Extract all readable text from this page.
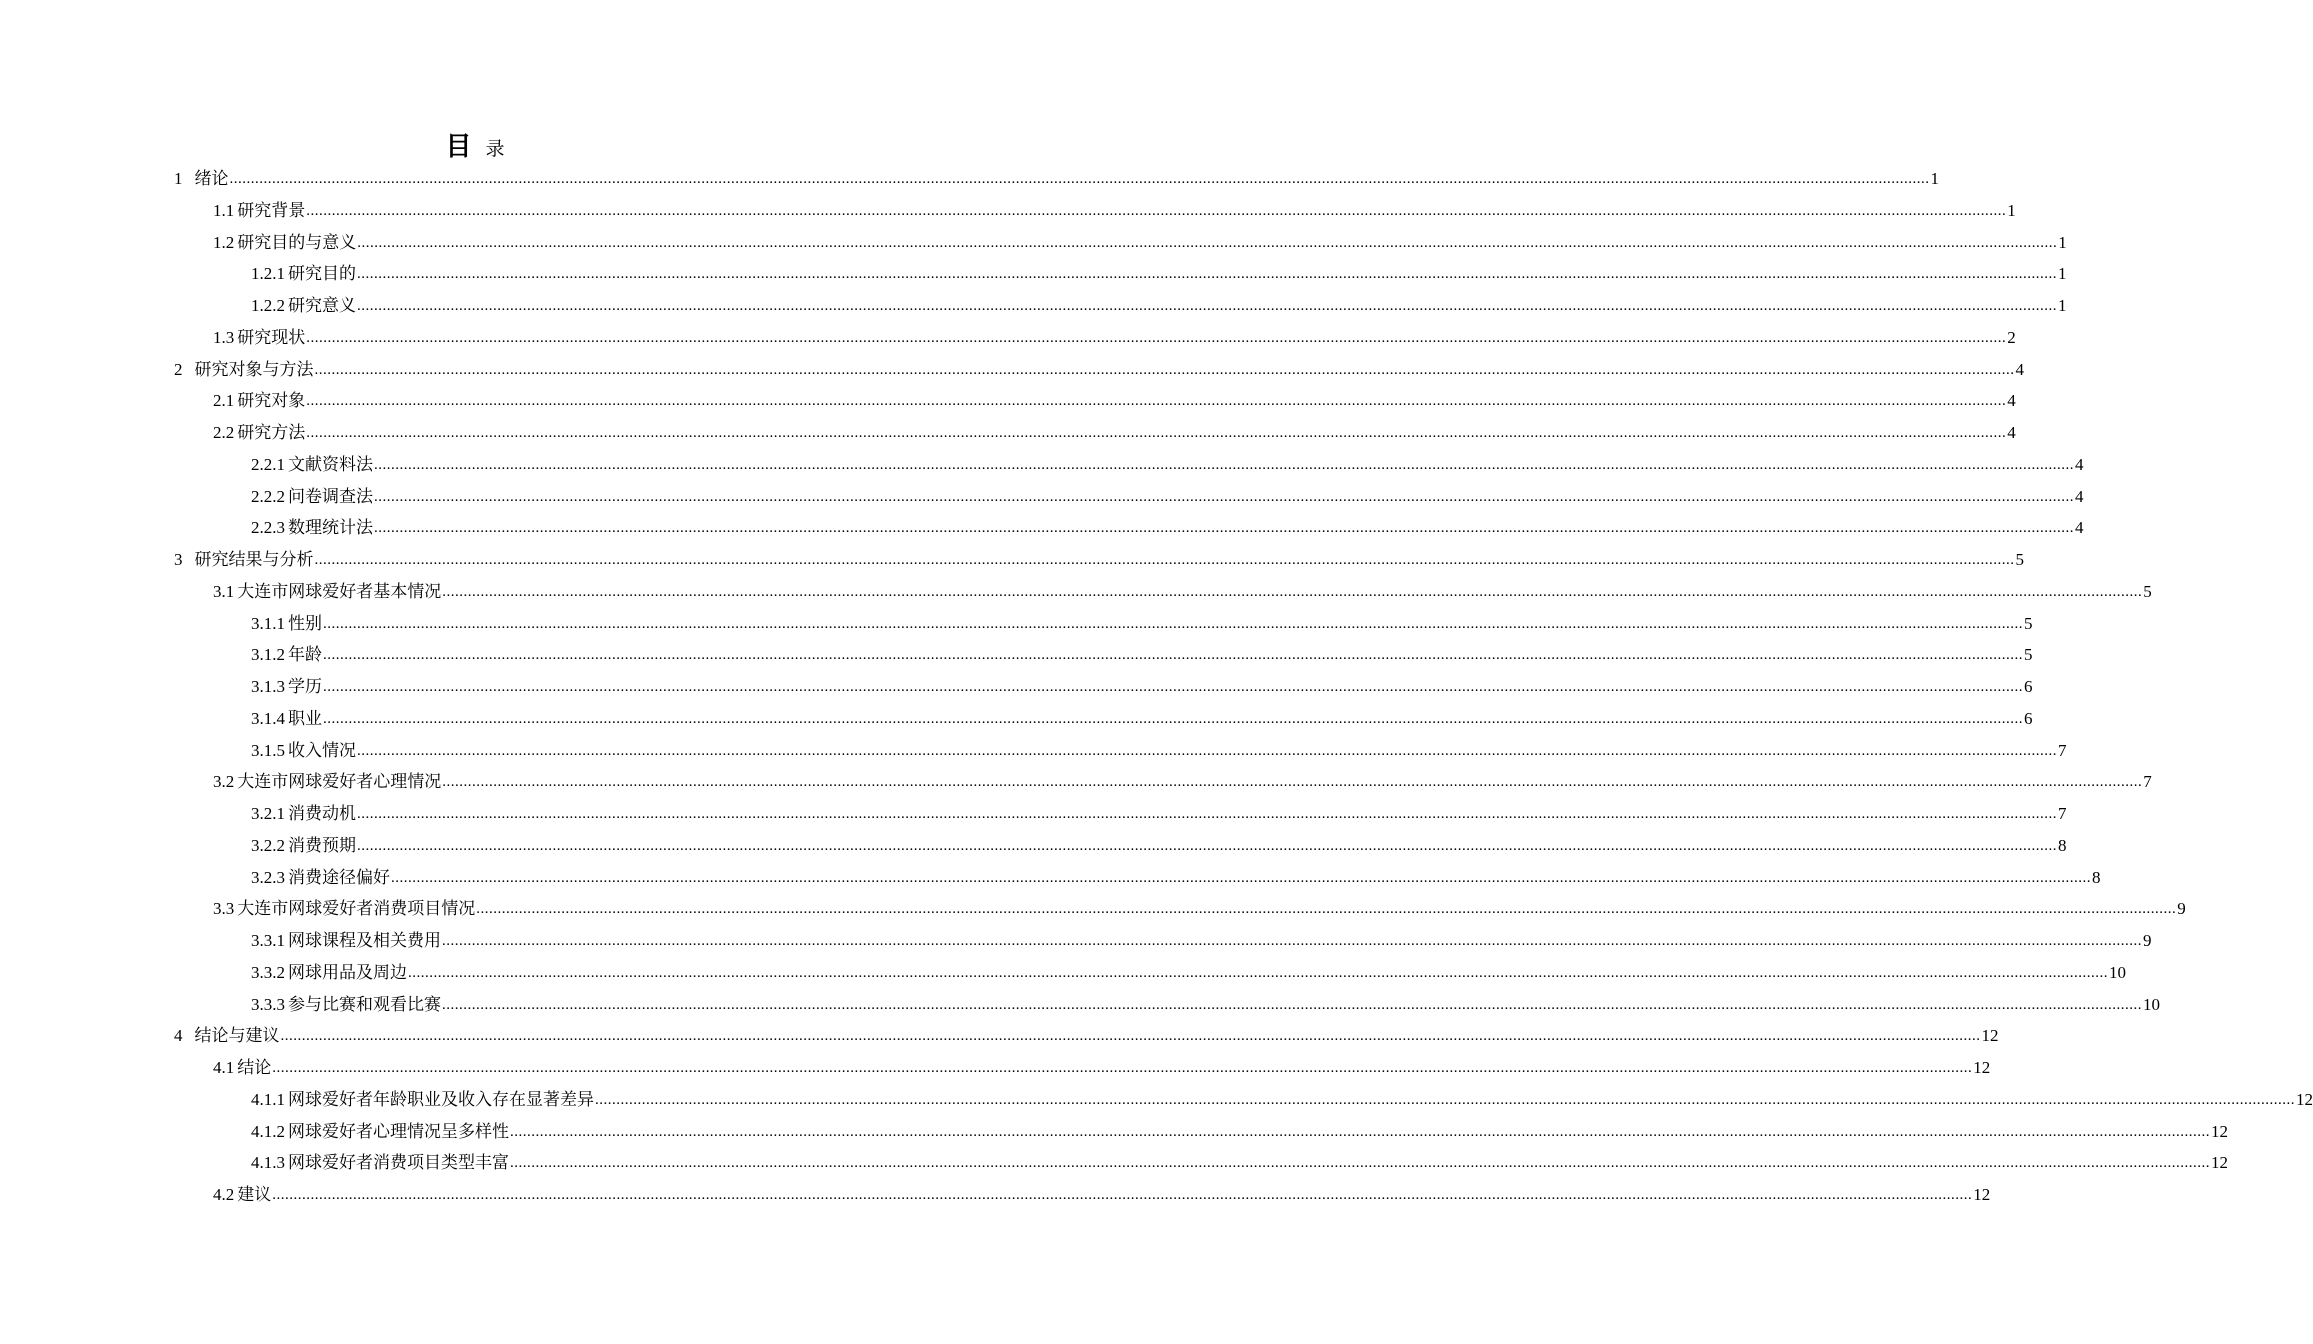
目 录
1 绪论 ................................................................................................................................................................................................................................................................................................................................................................................................................ 1
1.1 研究背景 ................................................................................................................................................................................................................................................................................................................................................................................................................ 1
1.2 研究目的与意义 ................................................................................................................................................................................................................................................................................................................................................................................................................ 1
1.2.1 研究目的 ................................................................................................................................................................................................................................................................................................................................................................................................................ 1
1.2.2 研究意义 ................................................................................................................................................................................................................................................................................................................................................................................................................ 1
1.3 研究现状 ................................................................................................................................................................................................................................................................................................................................................................................................................ 2
2 研究对象与方法 ................................................................................................................................................................................................................................................................................................................................................................................................................ 4
2.1 研究对象 ................................................................................................................................................................................................................................................................................................................................................................................................................ 4
2.2 研究方法 ................................................................................................................................................................................................................................................................................................................................................................................................................ 4
2.2.1 文献资料法 ................................................................................................................................................................................................................................................................................................................................................................................................................ 4
2.2.2 问卷调查法 ................................................................................................................................................................................................................................................................................................................................................................................................................ 4
2.2.3 数理统计法 ................................................................................................................................................................................................................................................................................................................................................................................................................ 4
3 研究结果与分析 ................................................................................................................................................................................................................................................................................................................................................................................................................ 5
3.1 大连市网球爱好者基本情况 ................................................................................................................................................................................................................................................................................................................................................................................................................ 5
3.1.1 性别 ................................................................................................................................................................................................................................................................................................................................................................................................................ 5
3.1.2 年龄 ................................................................................................................................................................................................................................................................................................................................................................................................................ 5
3.1.3 学历 ................................................................................................................................................................................................................................................................................................................................................................................................................ 6
3.1.4 职业 ................................................................................................................................................................................................................................................................................................................................................................................................................ 6
3.1.5 收入情况 ................................................................................................................................................................................................................................................................................................................................................................................................................ 7
3.2 大连市网球爱好者心理情况 ................................................................................................................................................................................................................................................................................................................................................................................................................ 7
3.2.1 消费动机 ................................................................................................................................................................................................................................................................................................................................................................................................................ 7
3.2.2 消费预期 ................................................................................................................................................................................................................................................................................................................................................................................................................ 8
3.2.3 消费途径偏好 ................................................................................................................................................................................................................................................................................................................................................................................................................ 8
3.3 大连市网球爱好者消费项目情况 ................................................................................................................................................................................................................................................................................................................................................................................................................ 9
3.3.1 网球课程及相关费用 ................................................................................................................................................................................................................................................................................................................................................................................................................ 9
3.3.2 网球用品及周边 ................................................................................................................................................................................................................................................................................................................................................................................................................ 10
3.3.3 参与比赛和观看比赛 ................................................................................................................................................................................................................................................................................................................................................................................................................ 10
4 结论与建议 ................................................................................................................................................................................................................................................................................................................................................................................................................ 12
4.1 结论 ................................................................................................................................................................................................................................................................................................................................................................................................................ 12
4.1.1 网球爱好者年龄职业及收入存在显著差异 ................................................................................................................................................................................................................................................................................................................................................................................................................ 12
4.1.2 网球爱好者心理情况呈多样性 ................................................................................................................................................................................................................................................................................................................................................................................................................ 12
4.1.3 网球爱好者消费项目类型丰富 ................................................................................................................................................................................................................................................................................................................................................................................................................ 12
4.2 建议 ................................................................................................................................................................................................................................................................................................................................................................................................................ 12
